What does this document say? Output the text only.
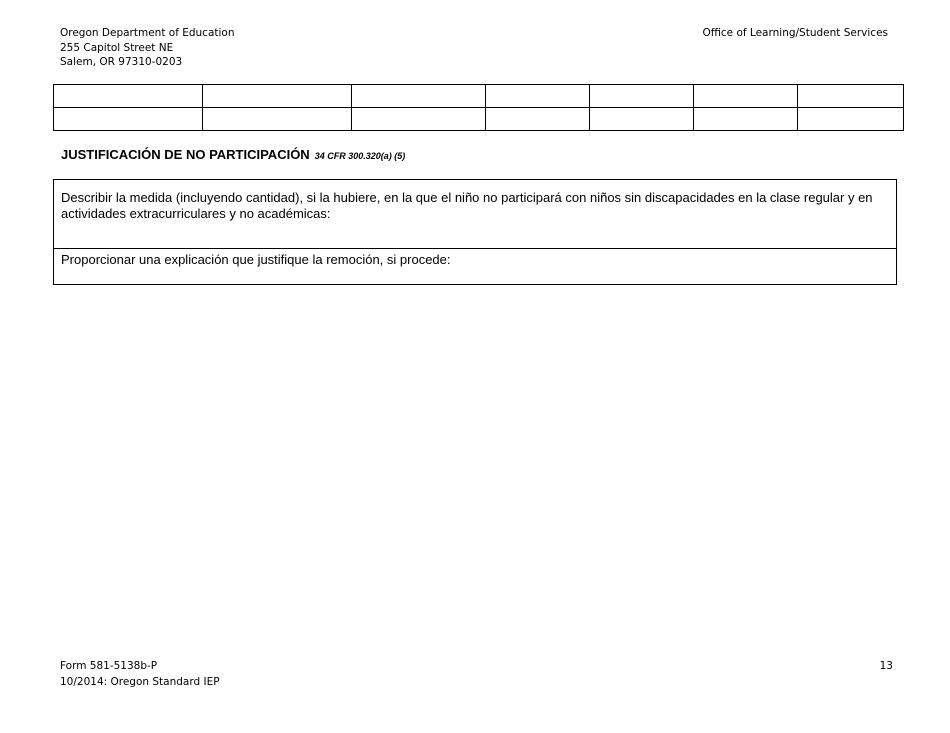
Oregon Department of Education
255 Capitol Street NE
Salem, OR 97310-0203
Office of Learning/Student Services

JUSTIFICACIÓN DE NO PARTICIPACIÓN 34 CFR 300.320(a) (5)
Describir la medida (incluyendo cantidad), si la hubiere, en la que el niño no participará con niños sin discapacidades en la clase regular y en actividades extracurriculares y no académicas:
Proporcionar una explicación que justifique la remoción, si procede:
Form 581-5138b-P
10/2014: Oregon Standard IEP
13
